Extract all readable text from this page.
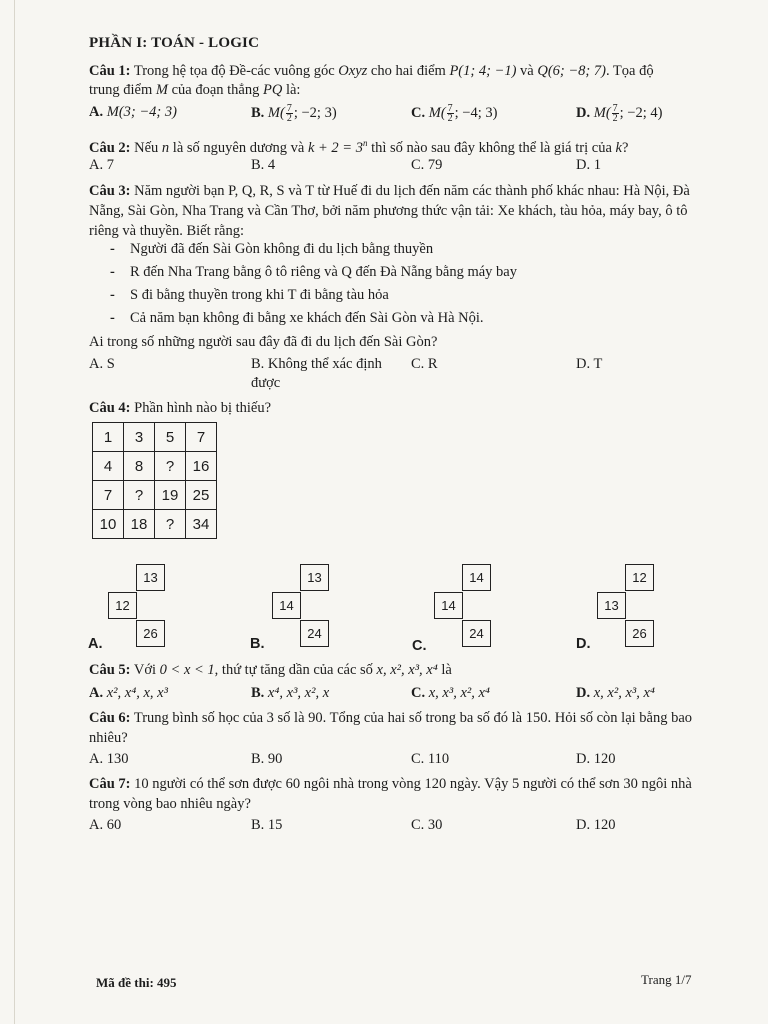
PHẦN I: TOÁN - LOGIC
Câu 1: Trong hệ tọa độ Đề-các vuông góc Oxyz cho hai điểm P(1; 4; −1) và Q(6; −8; 7). Tọa độ
trung điểm M của đoạn thẳng PQ là:
A. M(3; −4; 3)	B. $M( \frac{7}{2}$ ; −2; 3)	C. $M( \frac{7}{2}$ ; −4; 3)	D. $M( \frac{7}{2}$ ; −2; 4)
Câu 2: Nếu n là số nguyên dương và $k + 2 = 3^n$ thì số nào sau đây không thể là giá trị của k?
A. 7	B. 4	C. 79	D. 1
Câu 3: Năm người bạn P, Q, R, S và T từ Huế đi du lịch đến năm các thành phố khác nhau: Hà Nội, Đà Nẵng, Sài Gòn, Nha Trang và Cần Thơ, bởi năm phương thức vận tải: Xe khách, tàu hỏa, máy bay, ô tô riêng và thuyền. Biết rằng:
- Người đã đến Sài Gòn không đi du lịch bằng thuyền
- R đến Nha Trang bằng ô tô riêng và Q đến Đà Nẵng bằng máy bay
- S đi bằng thuyền trong khi T đi bằng tàu hỏa
- Cả năm bạn không đi bằng xe khách đến Sài Gòn và Hà Nội.
Ai trong số những người sau đây đã đi du lịch đến Sài Gòn?
A. S	B. Không thể xác định
được
C. R	D. T
Câu 4: Phần hình nào bị thiếu?
1	3	5	7
4	8	?	16
7	?	19	25
10	18	?	34
13
12
26
A.
13
14
24
B.
14
14
24
C.
12
13
26
D.
Câu 5: Với 0 < x < 1, thứ tự tăng dần của các số x, x², x³, x⁴ là
A. x², x⁴, x, x³	B. x⁴, x³, x², x	C. x, x³, x², x⁴	D. x, x², x³, x⁴
Câu 6: Trung bình số học của 3 số là 90. Tổng của hai số trong ba số đó là 150. Hỏi số còn lại bằng bao nhiêu?
A. 130	B. 90	C. 110	D. 120
Câu 7: 10 người có thể sơn được 60 ngôi nhà trong vòng 120 ngày. Vậy 5 người có thể sơn 30 ngôi nhà trong vòng bao nhiêu ngày?
A. 60	B. 15	C. 30	D. 120
Mã đề thi: 495	Trang 1/7
